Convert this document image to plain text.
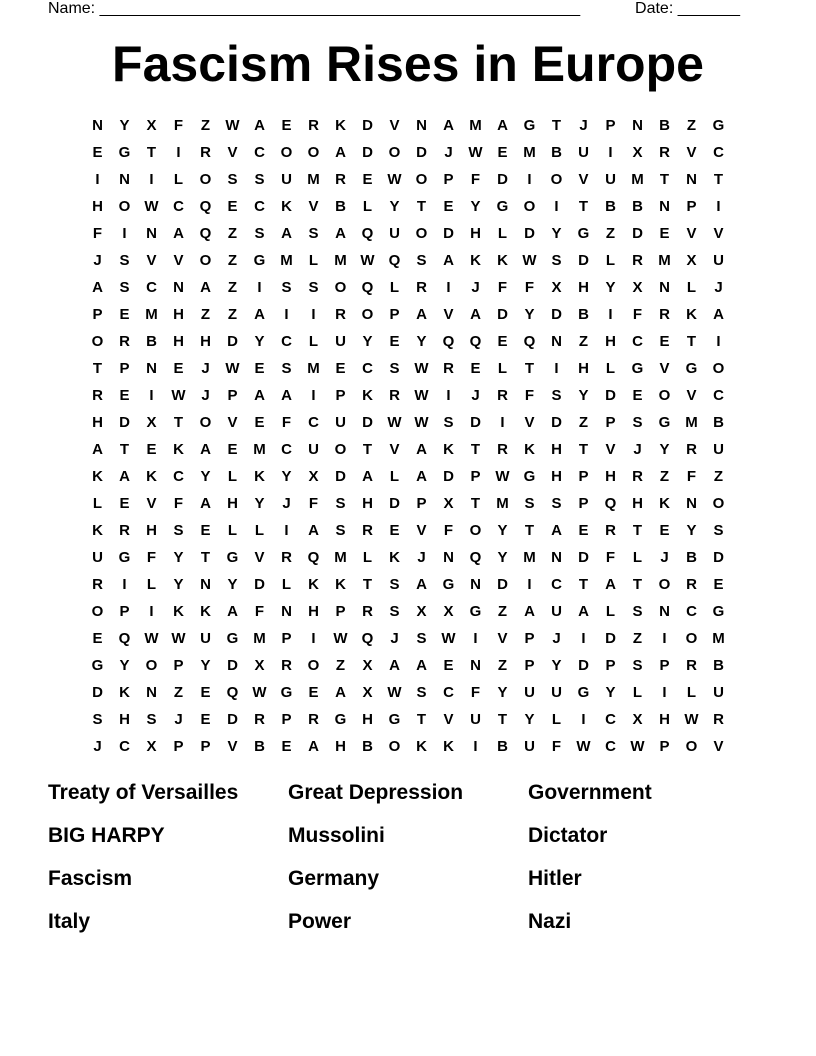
Name: ______________________________________________________	Date: _______
Fascism Rises in Europe
N	Y	X	F	Z	W A	E	R	K	D	V	N	A	M	A	G	T	J	P	N	B	Z	G
E	G	T	I	R	V	C	O	O	A	D	O	D	J	W E	M	B	U	I	X	R	V	C
I	N	I	L	O	S	S	U	M	R	E W O	P	F	D	I	O	V	U	M	T	N	T
H	O W C	Q	E	C	K	V	B	L	Y	T	E	Y	G	O	I	T	B	B	N	P	I
F	I	N	A	Q	Z	S	A	S	A	Q	U	O	D	H	L	D	Y	G	Z	D	E	V	V
J	S	V	V	O	Z	G M	L	M W Q	S	A	K	K W S	D	L	R	M	X	U
A	S	C	N	A	Z	I	S	S	O	Q	L	R	I	J	F	F	X	H	Y	X	N	L	J
P	E	M	H	Z	Z	A	I	I	R	O	P	A	V	A	D	Y	D	B	I	F	R	K	A
O	R	B	H	H	D	Y	C	L	U	Y	E	Y	Q	Q	E	Q	N	Z	H	C	E	T	I
T	P	N	E	J	W E	S	M	E	C	S W R	E	L	T	I	H	L	G	V	G	O
R	E	I	W	J	P	A	A	I	P	K	R W	I	J	R	F	S	Y	D	E	O	V	C
H	D	X	T	O	V	E	F	C	U	D W W S	D	I	V	D	Z	P	S	G M	B
A	T	E	K	A	E	M	C	U	O	T	V	A	K	T	R	K	H	T	V	J	Y	R	U
K	A	K	C	Y	L	K	Y	X	D	A	L	A	D	P W G	H	P	H	R	Z	F	Z
L	E	V	F	A	H	Y	J	F	S	H	D	P	X	T	M	S	S	P	Q	H	K	N	O
K	R	H	S	E	L	L	I	A	S	R	E	V	F	O	Y	T	A	E	R	T	E	Y	S
U	G	F	Y	T	G	V	R	Q M	L	K	J	N	Q	Y	M	N	D	F	L	J	B	D
R	I	L	Y	N	Y	D	L	K	K	T	S	A	G	N	D	I	C	T	A	T	O	R	E
O	P	I	K	K	A	F	N	H	P	R	S	X	X	G	Z	A	U	A	L	S	N	C	G
E	Q W W U	G M	P	I	W Q	J	S W	I	V	P	J	I	D	Z	I	O M
G	Y	O	P	Y	D	X	R	O	Z	X	A	A	E	N	Z	P	Y	D	P	S	P	R	B
D	K	N	Z	E	Q W G	E	A	X W S	C	F	Y	U	U	G	Y	L	I	L	U
S	H	S	J	E	D	R	P	R	G	H	G	T	V	U	T	Y	L	I	C	X	H W R
J	C	X	P	P	V	B	E	A	H	B	O	K	K	I	B	U	F	W C W P	O	V
Treaty of Versailles	Great Depression	Government
BIG HARPY	Mussolini	Dictator
Fascism	Germany	Hitler
Italy	Power	Nazi
